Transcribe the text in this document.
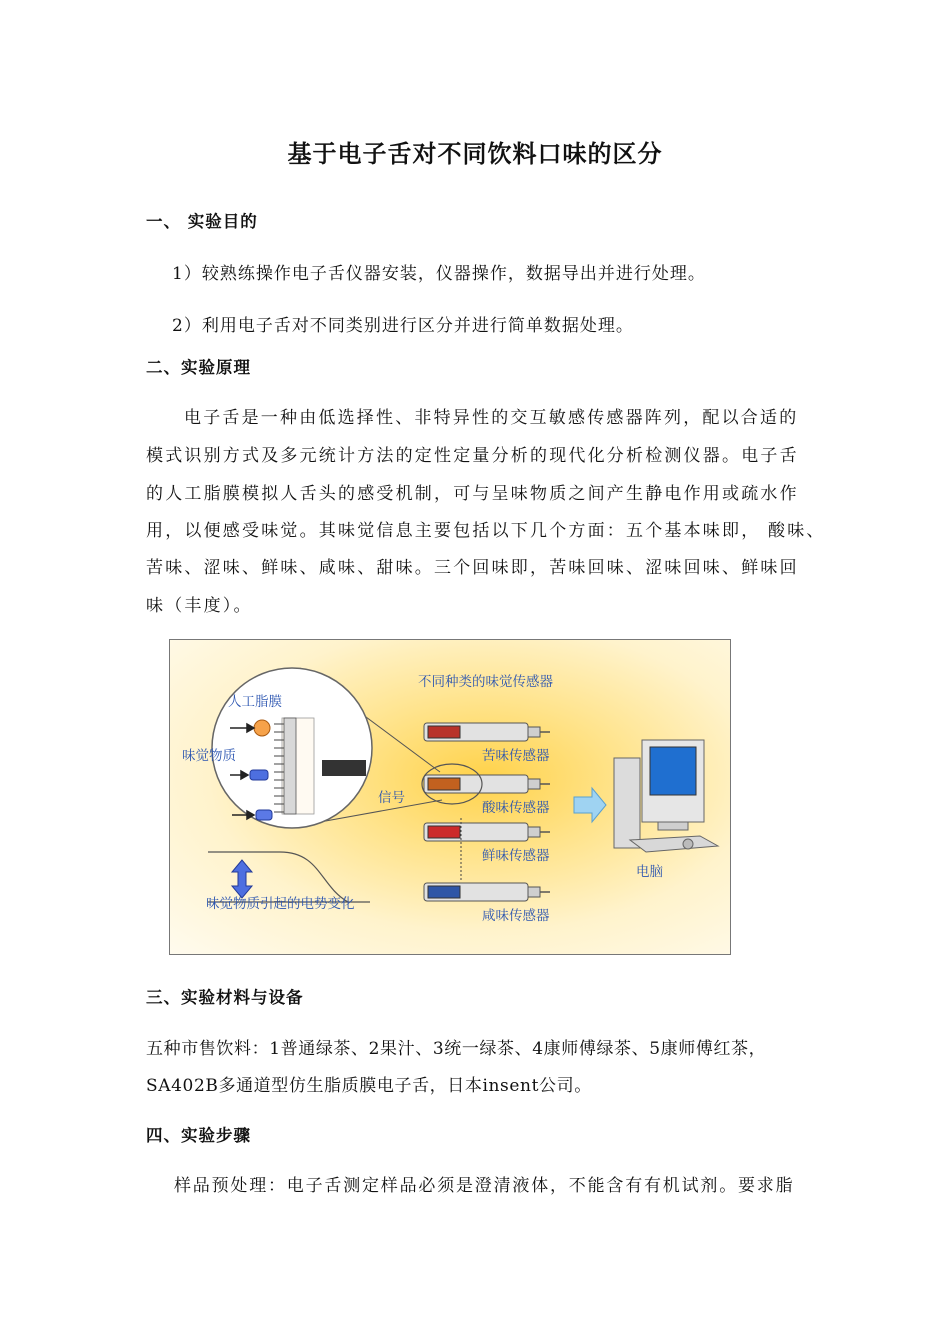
基于电子舌对不同饮料口味的区分
一、 实验目的
1）较熟练操作电子舌仪器安装，仪器操作，数据导出并进行处理。
2）利用电子舌对不同类别进行区分并进行简单数据处理。
二、实验原理
电子舌是一种由低选择性、非特异性的交互敏感传感器阵列，配以合适的
模式识别方式及多元统计方法的定性定量分析的现代化分析检测仪器。电子舌
的人工脂膜模拟人舌头的感受机制，可与呈味物质之间产生静电作用或疏水作
用，以便感受味觉。其味觉信息主要包括以下几个方面：五个基本味即， 酸味、
苦味、涩味、鲜味、咸味、甜味。三个回味即，苦味回味、涩味回味、鲜味回
味（丰度）。
苦味传感器
酸味传感器
鲜味传感器
咸味传感器
人工脂膜
味觉物质
信号
味觉物质引起的电势变化
不同种类的味觉传感器
电脑
三、实验材料与设备
五种市售饮料：1普通绿茶、2果汁、3统一绿茶、4康师傅绿茶、5康师傅红茶，
SA402B多通道型仿生脂质膜电子舌，日本insent公司。
四、实验步骤
样品预处理：电子舌测定样品必须是澄清液体，不能含有有机试剂。要求脂
